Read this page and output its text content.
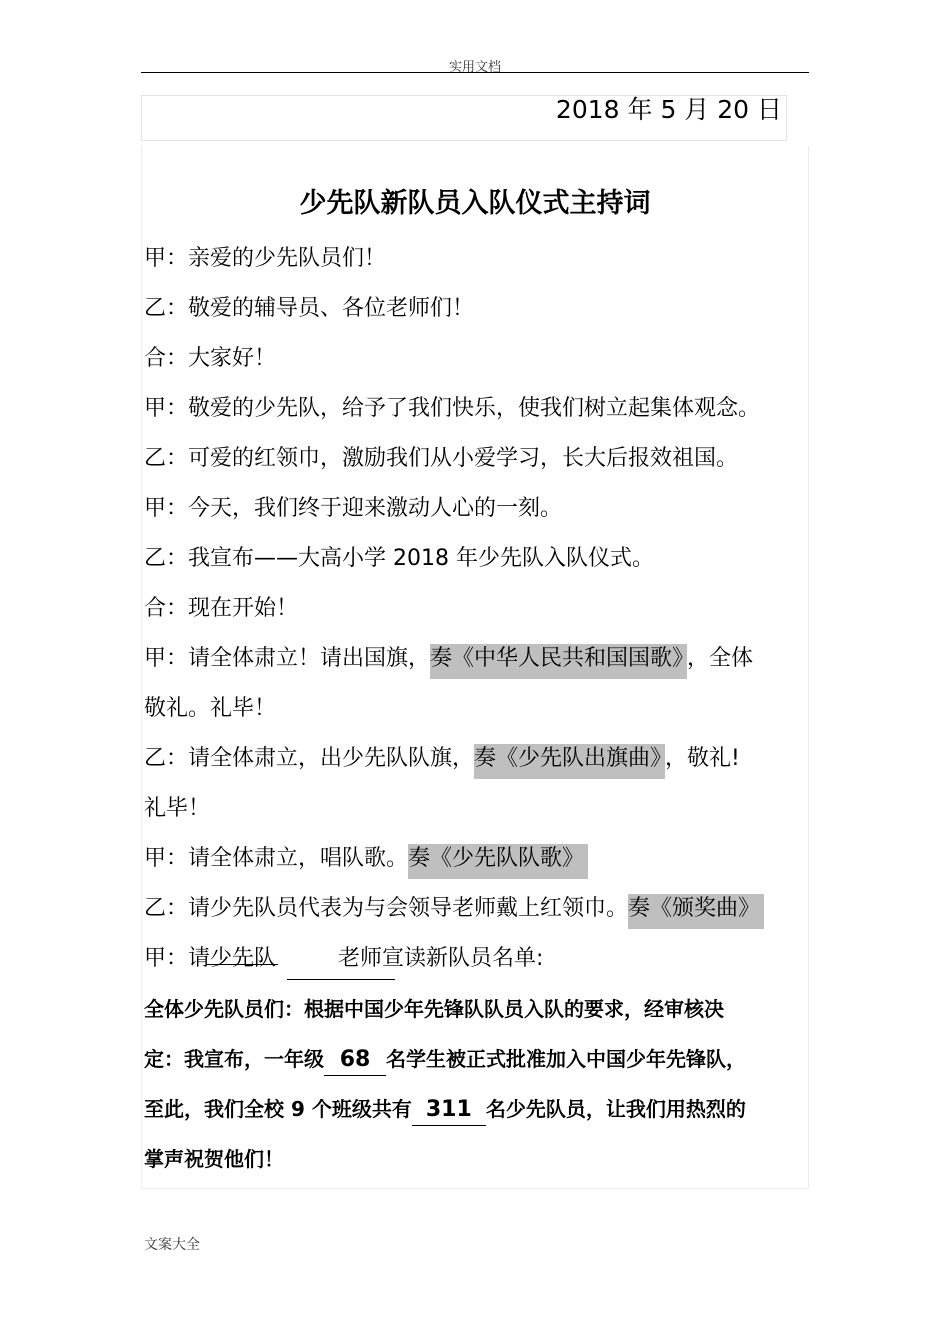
实用文档
2018 年 5 月 20 日
少先队新队员入队仪式主持词
甲：亲爱的少先队员们！
乙：敬爱的辅导员、各位老师们！
合：大家好！
甲：敬爱的少先队，给予了我们快乐，使我们树立起集体观念。
乙：可爱的红领巾，激励我们从小爱学习，长大后报效祖国。
甲：今天，我们终于迎来激动人心的一刻。
乙：我宣布——大高小学 2018 年少先队入队仪式。
合：现在开始！
甲：请全体肃立！请出国旗，奏《中华人民共和国国歌》 ，全体
敬礼。礼毕！
乙：请全体肃立，出少先队队旗，奏《少先队出旗曲》 ，敬礼!
礼毕！
甲：请全体肃立，唱队歌。奏《少先队队歌》
乙：请少先队员代表为与会领导老师戴上红领巾。奏《颁奖曲》
甲：请少先队	老师宣读新队员名单:
全体少先队员们：根据中国少年先锋队队员入队的要求，经审核决
定：我宣布，一年级 68 名学生被正式批准加入中国少年先锋队，
至此，我们全校 9 个班级共有 311 名少先队员，让我们用热烈的
掌声祝贺他们！
文案大全
